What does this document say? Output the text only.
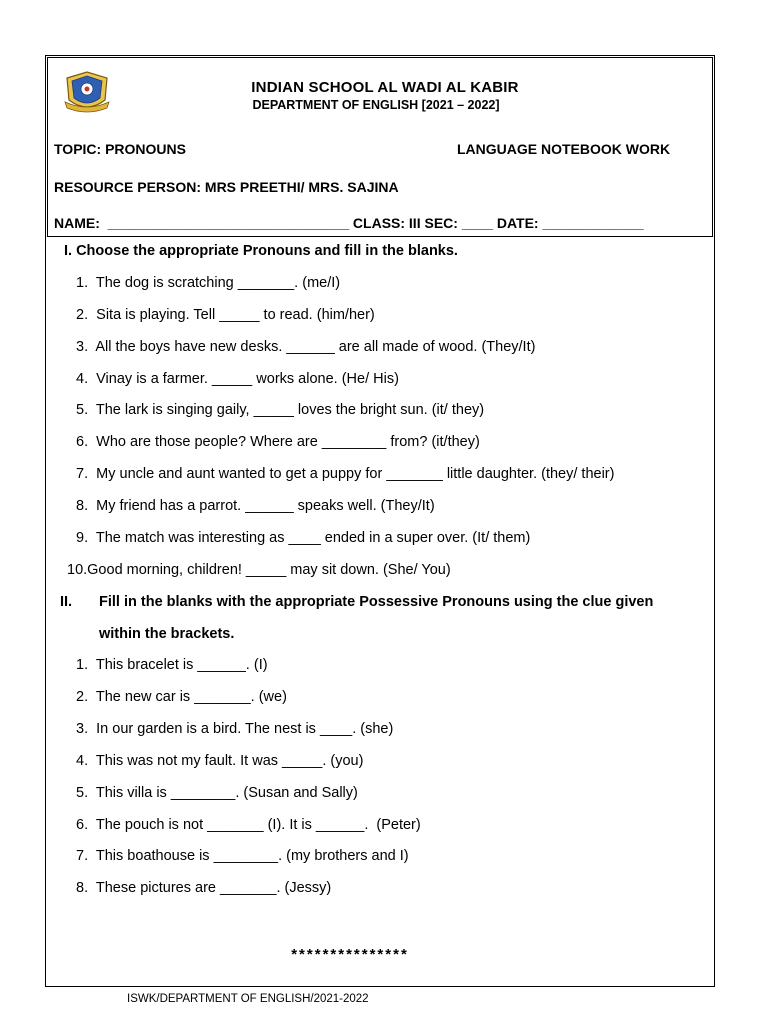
INDIAN SCHOOL AL WADI AL KABIR
DEPARTMENT OF ENGLISH [2021 – 2022]
TOPIC: PRONOUNS	LANGUAGE NOTEBOOK WORK
RESOURCE PERSON: MRS PREETHI/ MRS. SAJINA
NAME:  _______________________________ CLASS: III SEC: ____ DATE: _____________
I. Choose the appropriate Pronouns and fill in the blanks.
1.  The dog is scratching _______. (me/I)
2.  Sita is playing. Tell _____ to read. (him/her)
3.  All the boys have new desks. ______ are all made of wood. (They/It)
4.  Vinay is a farmer. _____ works alone. (He/ His)
5.  The lark is singing gaily, _____ loves the bright sun. (it/ they)
6.  Who are those people? Where are ________ from? (it/they)
7.  My uncle and aunt wanted to get a puppy for _______ little daughter. (they/ their)
8.  My friend has a parrot. ______ speaks well. (They/It)
9.  The match was interesting as ____ ended in a super over. (It/ them)
10.Good morning, children! _____ may sit down. (She/ You)
II. Fill in the blanks with the appropriate Possessive Pronouns using the clue given
within the brackets.
1.  This bracelet is ______. (I)
2.  The new car is _______. (we)
3.  In our garden is a bird. The nest is ____. (she)
4.  This was not my fault. It was _____. (you)
5.  This villa is ________. (Susan and Sally)
6.  The pouch is not _______ (I). It is ______.  (Peter)
7.  This boathouse is ________. (my brothers and I)
8.  These pictures are _______. (Jessy)
***************
ISWK/DEPARTMENT OF ENGLISH/2021-2022
